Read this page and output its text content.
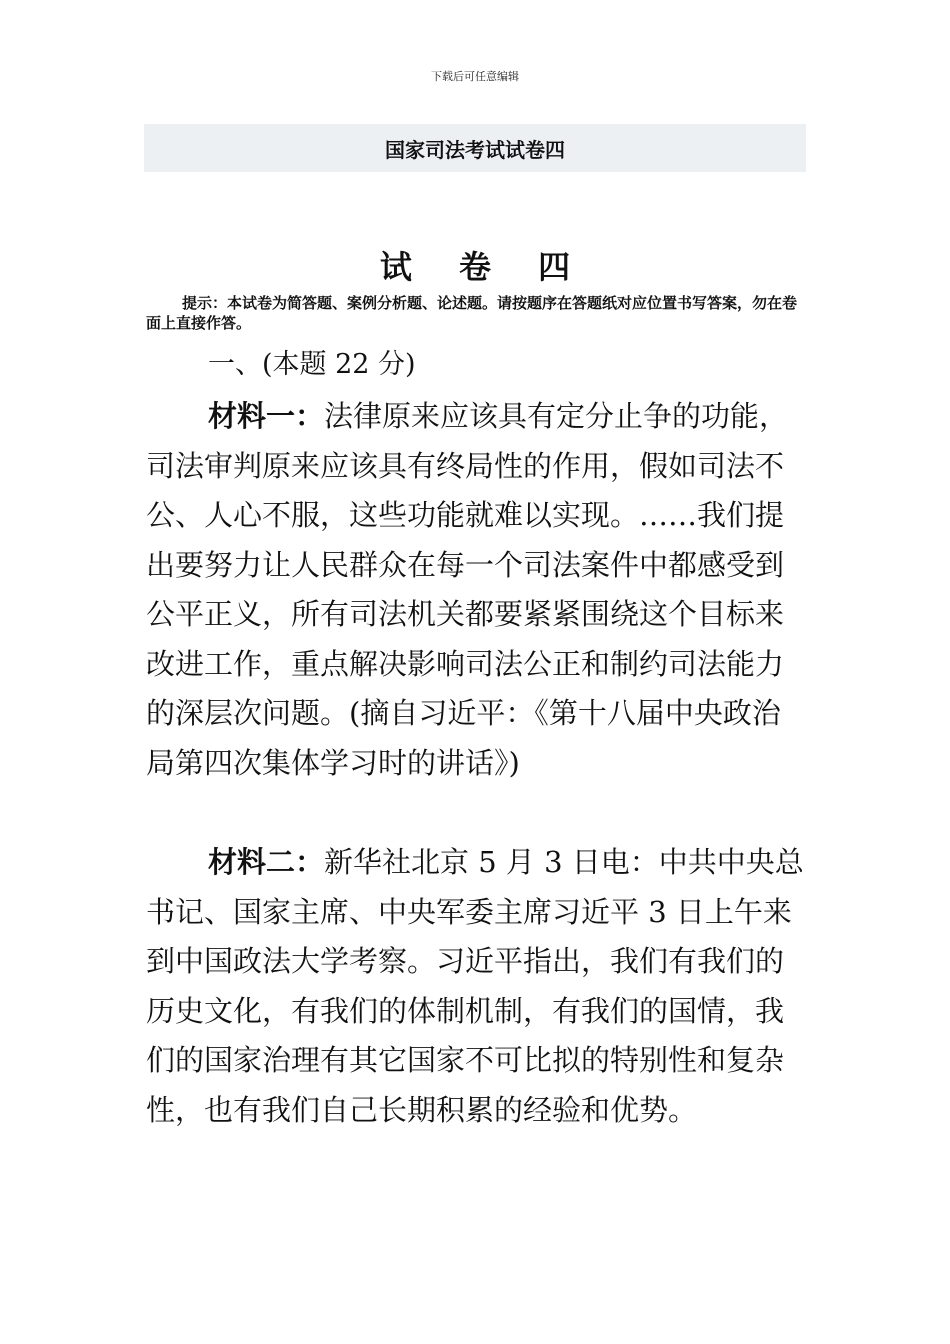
下载后可任意编辑
国家司法考试试卷四
试 卷 四
提示：本试卷为简答题、案例分析题、论述题。请按题序在答题纸对应位置书写答案，勿在卷面上直接作答。
一、(本题 22 分)
材料一：法律原来应该具有定分止争的功能，司法审判原来应该具有终局性的作用，假如司法不公、人心不服，这些功能就难以实现。……我们提出要努力让人民群众在每一个司法案件中都感受到公平正义，所有司法机关都要紧紧围绕这个目标来改进工作，重点解决影响司法公正和制约司法能力的深层次问题。(摘自习近平：《第十八届中央政治局第四次集体学习时的讲话》)
材料二：新华社北京 5 月 3 日电：中共中央总书记、国家主席、中央军委主席习近平 3 日上午来到中国政法大学考察。习近平指出，我们有我们的历史文化，有我们的体制机制，有我们的国情，我们的国家治理有其它国家不可比拟的特别性和复杂性，也有我们自己长期积累的经验和优势。
